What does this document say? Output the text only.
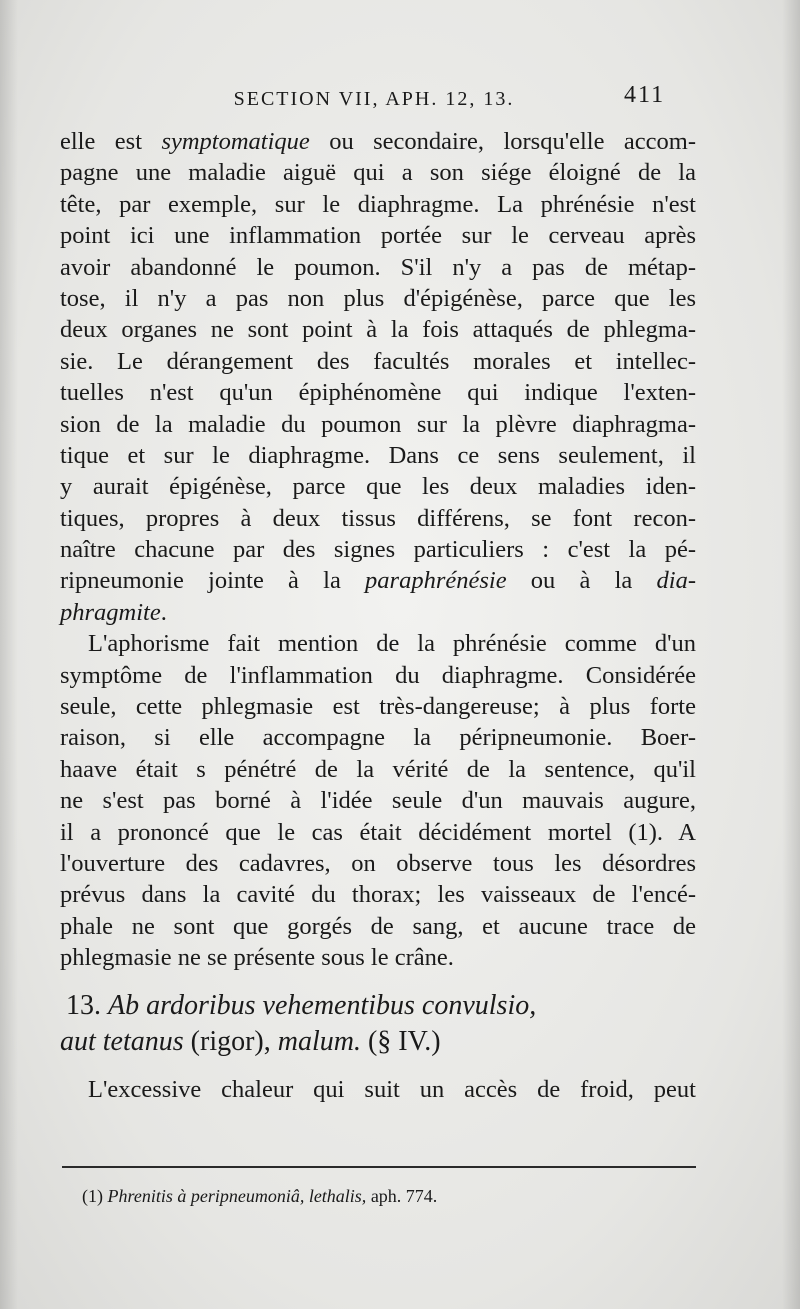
SECTION VII, APH. 12, 13.	411
elle est symptomatique ou secondaire, lorsqu'elle accom-
pagne une maladie aiguë qui a son siége éloigné de la
tête, par exemple, sur le diaphragme. La phrénésie n'est
point ici une inflammation portée sur le cerveau après
avoir abandonné le poumon. S'il n'y a pas de métap-
tose, il n'y a pas non plus d'épigénèse, parce que les
deux organes ne sont point à la fois attaqués de phlegma-
sie. Le dérangement des facultés morales et intellec-
tuelles n'est qu'un épiphénomène qui indique l'exten-
sion de la maladie du poumon sur la plèvre diaphragma-
tique et sur le diaphragme. Dans ce sens seulement, il
y aurait épigénèse, parce que les deux maladies iden-
tiques, propres à deux tissus différens, se font recon-
naître chacune par des signes particuliers : c'est la pé-
ripneumonie jointe à la paraphrénésie ou à la dia-
phragmite.
L'aphorisme fait mention de la phrénésie comme d'un
symptôme de l'inflammation du diaphragme. Considérée
seule, cette phlegmasie est très-dangereuse; à plus forte
raison, si elle accompagne la péripneumonie. Boer-
haave était s pénétré de la vérité de la sentence, qu'il
ne s'est pas borné à l'idée seule d'un mauvais augure,
il a prononcé que le cas était décidément mortel (1). A
l'ouverture des cadavres, on observe tous les désordres
prévus dans la cavité du thorax; les vaisseaux de l'encé-
phale ne sont que gorgés de sang, et aucune trace de
phlegmasie ne se présente sous le crâne.
13. Ab ardoribus vehementibus convulsio,
aut tetanus (rigor), malum. (§ IV.)
L'excessive chaleur qui suit un accès de froid, peut
(1) Phrenitis à peripneumoniâ, lethalis, aph. 774.
